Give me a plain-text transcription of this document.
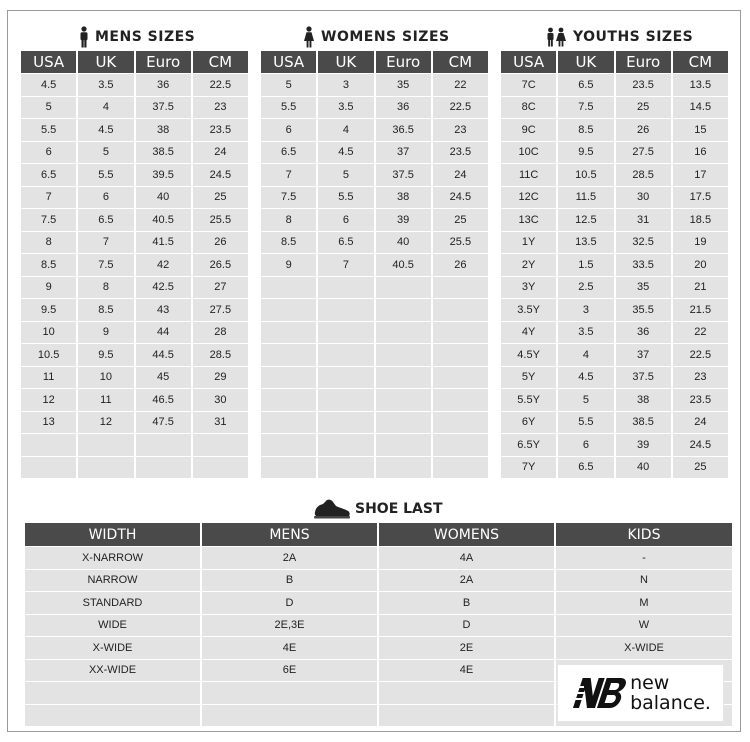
MENS SIZES
USA	UK	Euro	CM
4.5	3.5	36	22.5
5	4	37.5	23
5.5	4.5	38	23.5
6	5	38.5	24
6.5	5.5	39.5	24.5
7	6	40	25
7.5	6.5	40.5	25.5
8	7	41.5	26
8.5	7.5	42	26.5
9	8	42.5	27
9.5	8.5	43	27.5
10	9	44	28
10.5	9.5	44.5	28.5
11	10	45	29
12	11	46.5	30
13	12	47.5	31

WOMENS SIZES
USA	UK	Euro	CM
5	3	35	22
5.5	3.5	36	22.5
6	4	36.5	23
6.5	4.5	37	23.5
7	5	37.5	24
7.5	5.5	38	24.5
8	6	39	25
8.5	6.5	40	25.5
9	7	40.5	26

YOUTHS SIZES
USA	UK	Euro	CM
7C	6.5	23.5	13.5
8C	7.5	25	14.5
9C	8.5	26	15
10C	9.5	27.5	16
11C	10.5	28.5	17
12C	11.5	30	17.5
13C	12.5	31	18.5
1Y	13.5	32.5	19
2Y	1.5	33.5	20
3Y	2.5	35	21
3.5Y	3	35.5	21.5
4Y	3.5	36	22
4.5Y	4	37	22.5
5Y	4.5	37.5	23
5.5Y	5	38	23.5
6Y	5.5	38.5	24
6.5Y	6	39	24.5
7Y	6.5	40	25
SHOE LAST
WIDTH	MENS	WOMENS	KIDS
X-NARROW	2A	4A	-
NARROW	B	2A	N
STANDARD	D	B	M
WIDE	2E,3E	D	W
X-WIDE	4E	2E	X-WIDE
XX-WIDE	6E	4E	

new
balance.
